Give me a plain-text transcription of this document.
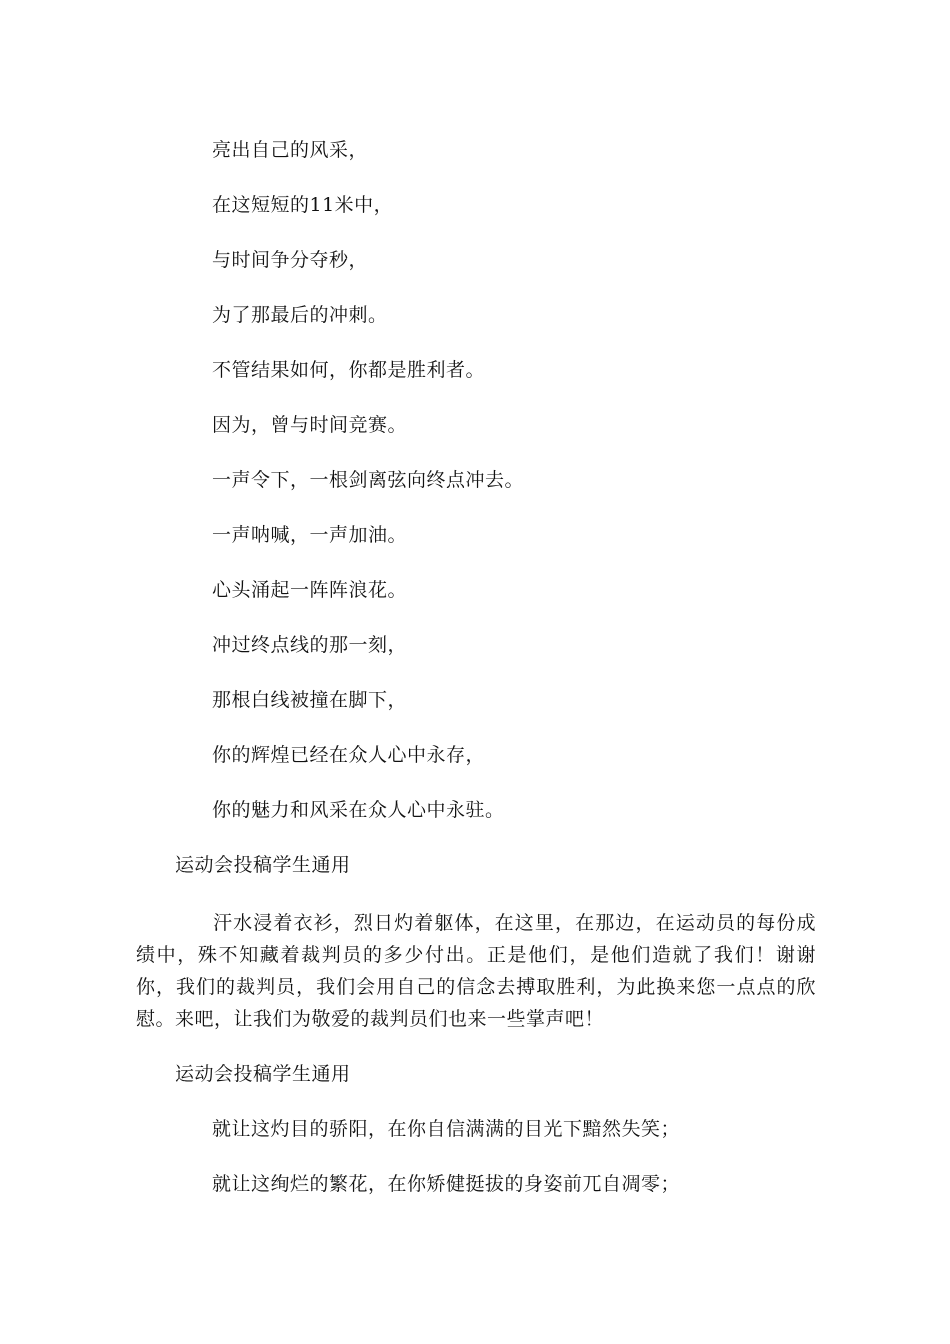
亮出自己的风采，
在这短短的11米中，
与时间争分夺秒，
为了那最后的冲刺。
不管结果如何，你都是胜利者。
因为，曾与时间竞赛。
一声令下，一根剑离弦向终点冲去。
一声呐喊，一声加油。
心头涌起一阵阵浪花。
冲过终点线的那一刻，
那根白线被撞在脚下，
你的辉煌已经在众人心中永存，
你的魅力和风采在众人心中永驻。
运动会投稿学生通用

汗水浸着衣衫，烈日灼着躯体，在这里，在那边，在运动员的每份成绩中，殊不知藏着裁判员的多少付出。正是他们，是他们造就了我们！谢谢你，我们的裁判员，我们会用自己的信念去搏取胜利，为此换来您一点点的欣慰。来吧，让我们为敬爱的裁判员们也来一些掌声吧！

运动会投稿学生通用
就让这灼目的骄阳，在你自信满满的目光下黯然失笑；
就让这绚烂的繁花，在你矫健挺拔的身姿前兀自凋零；
